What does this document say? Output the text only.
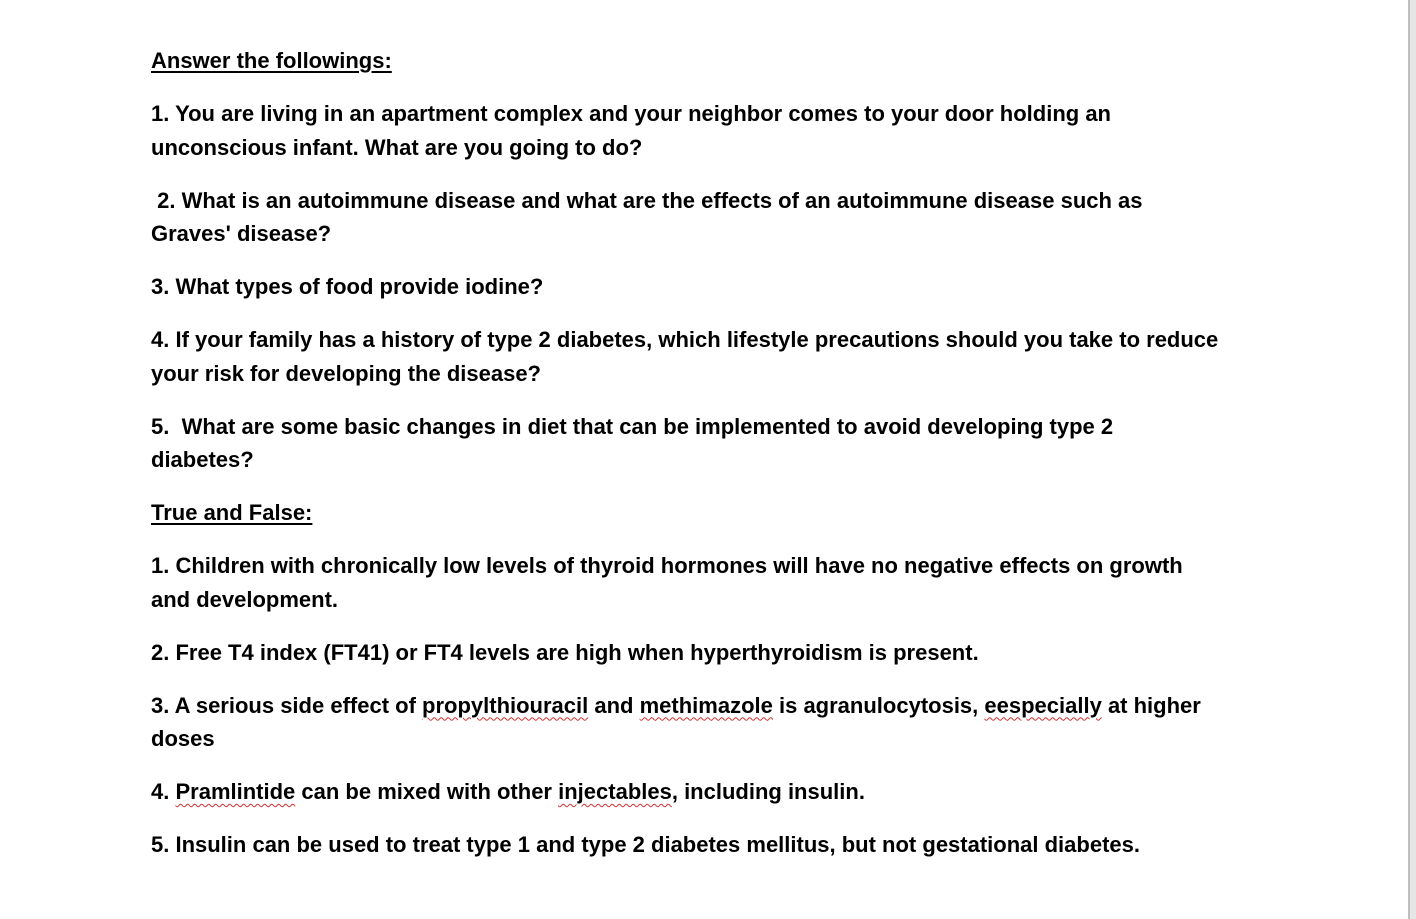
Answer the followings:
1. You are living in an apartment complex and your neighbor comes to your door holding an unconscious infant. What are you going to do?
2. What is an autoimmune disease and what are the effects of an autoimmune disease such as Graves' disease?
3. What types of food provide iodine?
4. If your family has a history of type 2 diabetes, which lifestyle precautions should you take to reduce your risk for developing the disease?
5.  What are some basic changes in diet that can be implemented to avoid developing type 2 diabetes?
True and False:
1. Children with chronically low levels of thyroid hormones will have no negative effects on growth and development.
2. Free T4 index (FT41) or FT4 levels are high when hyperthyroidism is present.
3. A serious side effect of propylthiouracil and methimazole is agranulocytosis, eespecially at higher doses
4. Pramlintide can be mixed with other injectables, including insulin.
5. Insulin can be used to treat type 1 and type 2 diabetes mellitus, but not gestational diabetes.
